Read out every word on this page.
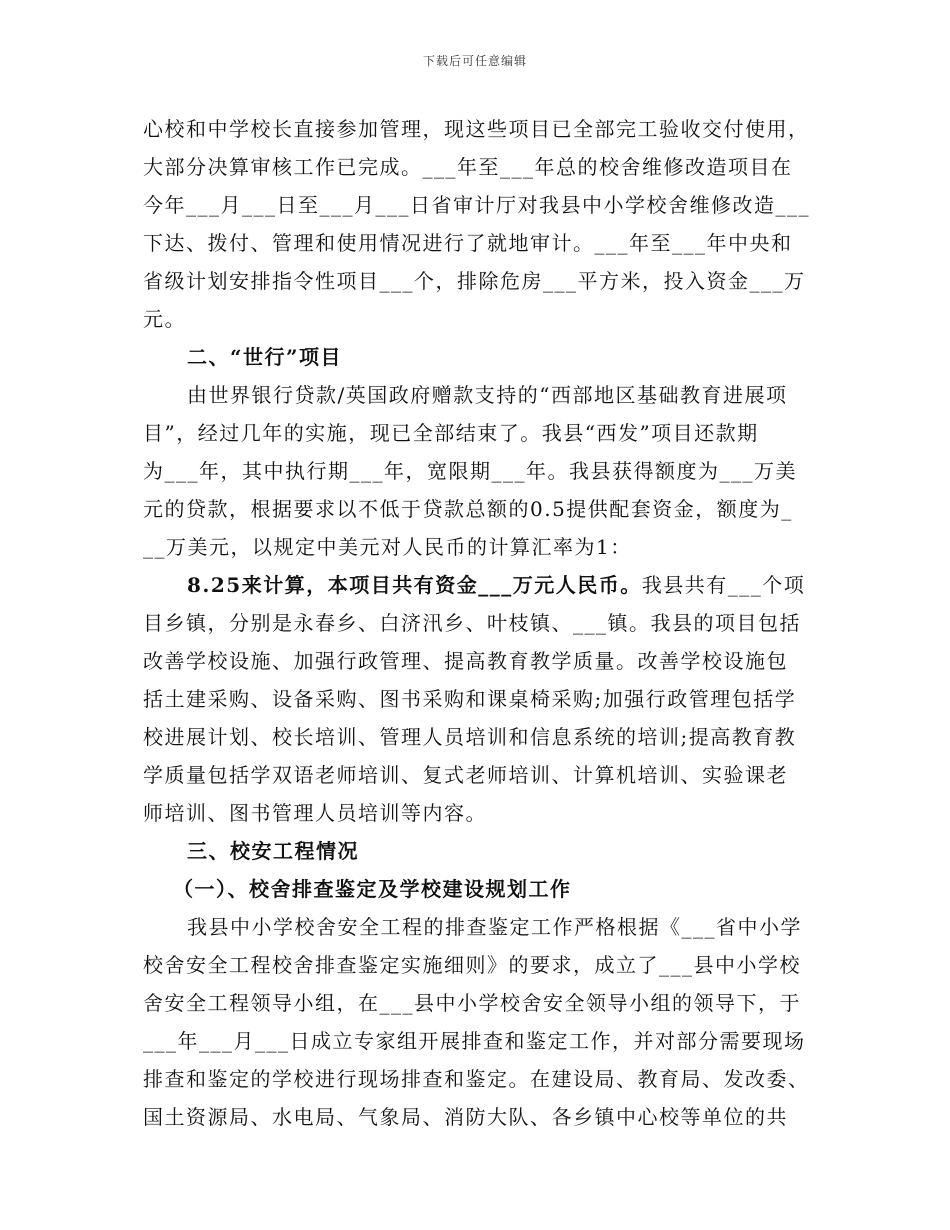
下载后可任意编辑
心校和中学校长直接参加管理，现这些项目已全部完工验收交付使用，
大部分决算审核工作已完成。___年至___年总的校舍维修改造项目在
今年___月___日至___月___日省审计厅对我县中小学校舍维修改造___
下达、拨付、管理和使用情况进行了就地审计。___年至___年中央和
省级计划安排指令性项目___个，排除危房___平方米，投入资金___万
元。
二、“世行”项目
由世界银行贷款/英国政府赠款支持的“西部地区基础教育进展项
目”，经过几年的实施，现已全部结束了。我县“西发”项目还款期
为___年，其中执行期___年，宽限期___年。我县获得额度为___万美
元的贷款，根据要求以不低于贷款总额的0.5提供配套资金，额度为_
__万美元，以规定中美元对人民币的计算汇率为1：
8.25来计算，本项目共有资金___万元人民币。我县共有___个项
目乡镇，分别是永春乡、白济汛乡、叶枝镇、___镇。我县的项目包括
改善学校设施、加强行政管理、提高教育教学质量。改善学校设施包
括土建采购、设备采购、图书采购和课桌椅采购;加强行政管理包括学
校进展计划、校长培训、管理人员培训和信息系统的培训;提高教育教
学质量包括学双语老师培训、复式老师培训、计算机培训、实验课老
师培训、图书管理人员培训等内容。
三、校安工程情况
（一）、校舍排查鉴定及学校建设规划工作
我县中小学校舍安全工程的排查鉴定工作严格根据《___省中小学
校舍安全工程校舍排查鉴定实施细则》的要求，成立了___县中小学校
舍安全工程领导小组，在___县中小学校舍安全领导小组的领导下，于
___年___月___日成立专家组开展排查和鉴定工作，并对部分需要现场
排查和鉴定的学校进行现场排查和鉴定。在建设局、教育局、发改委、
国土资源局、水电局、气象局、消防大队、各乡镇中心校等单位的共
